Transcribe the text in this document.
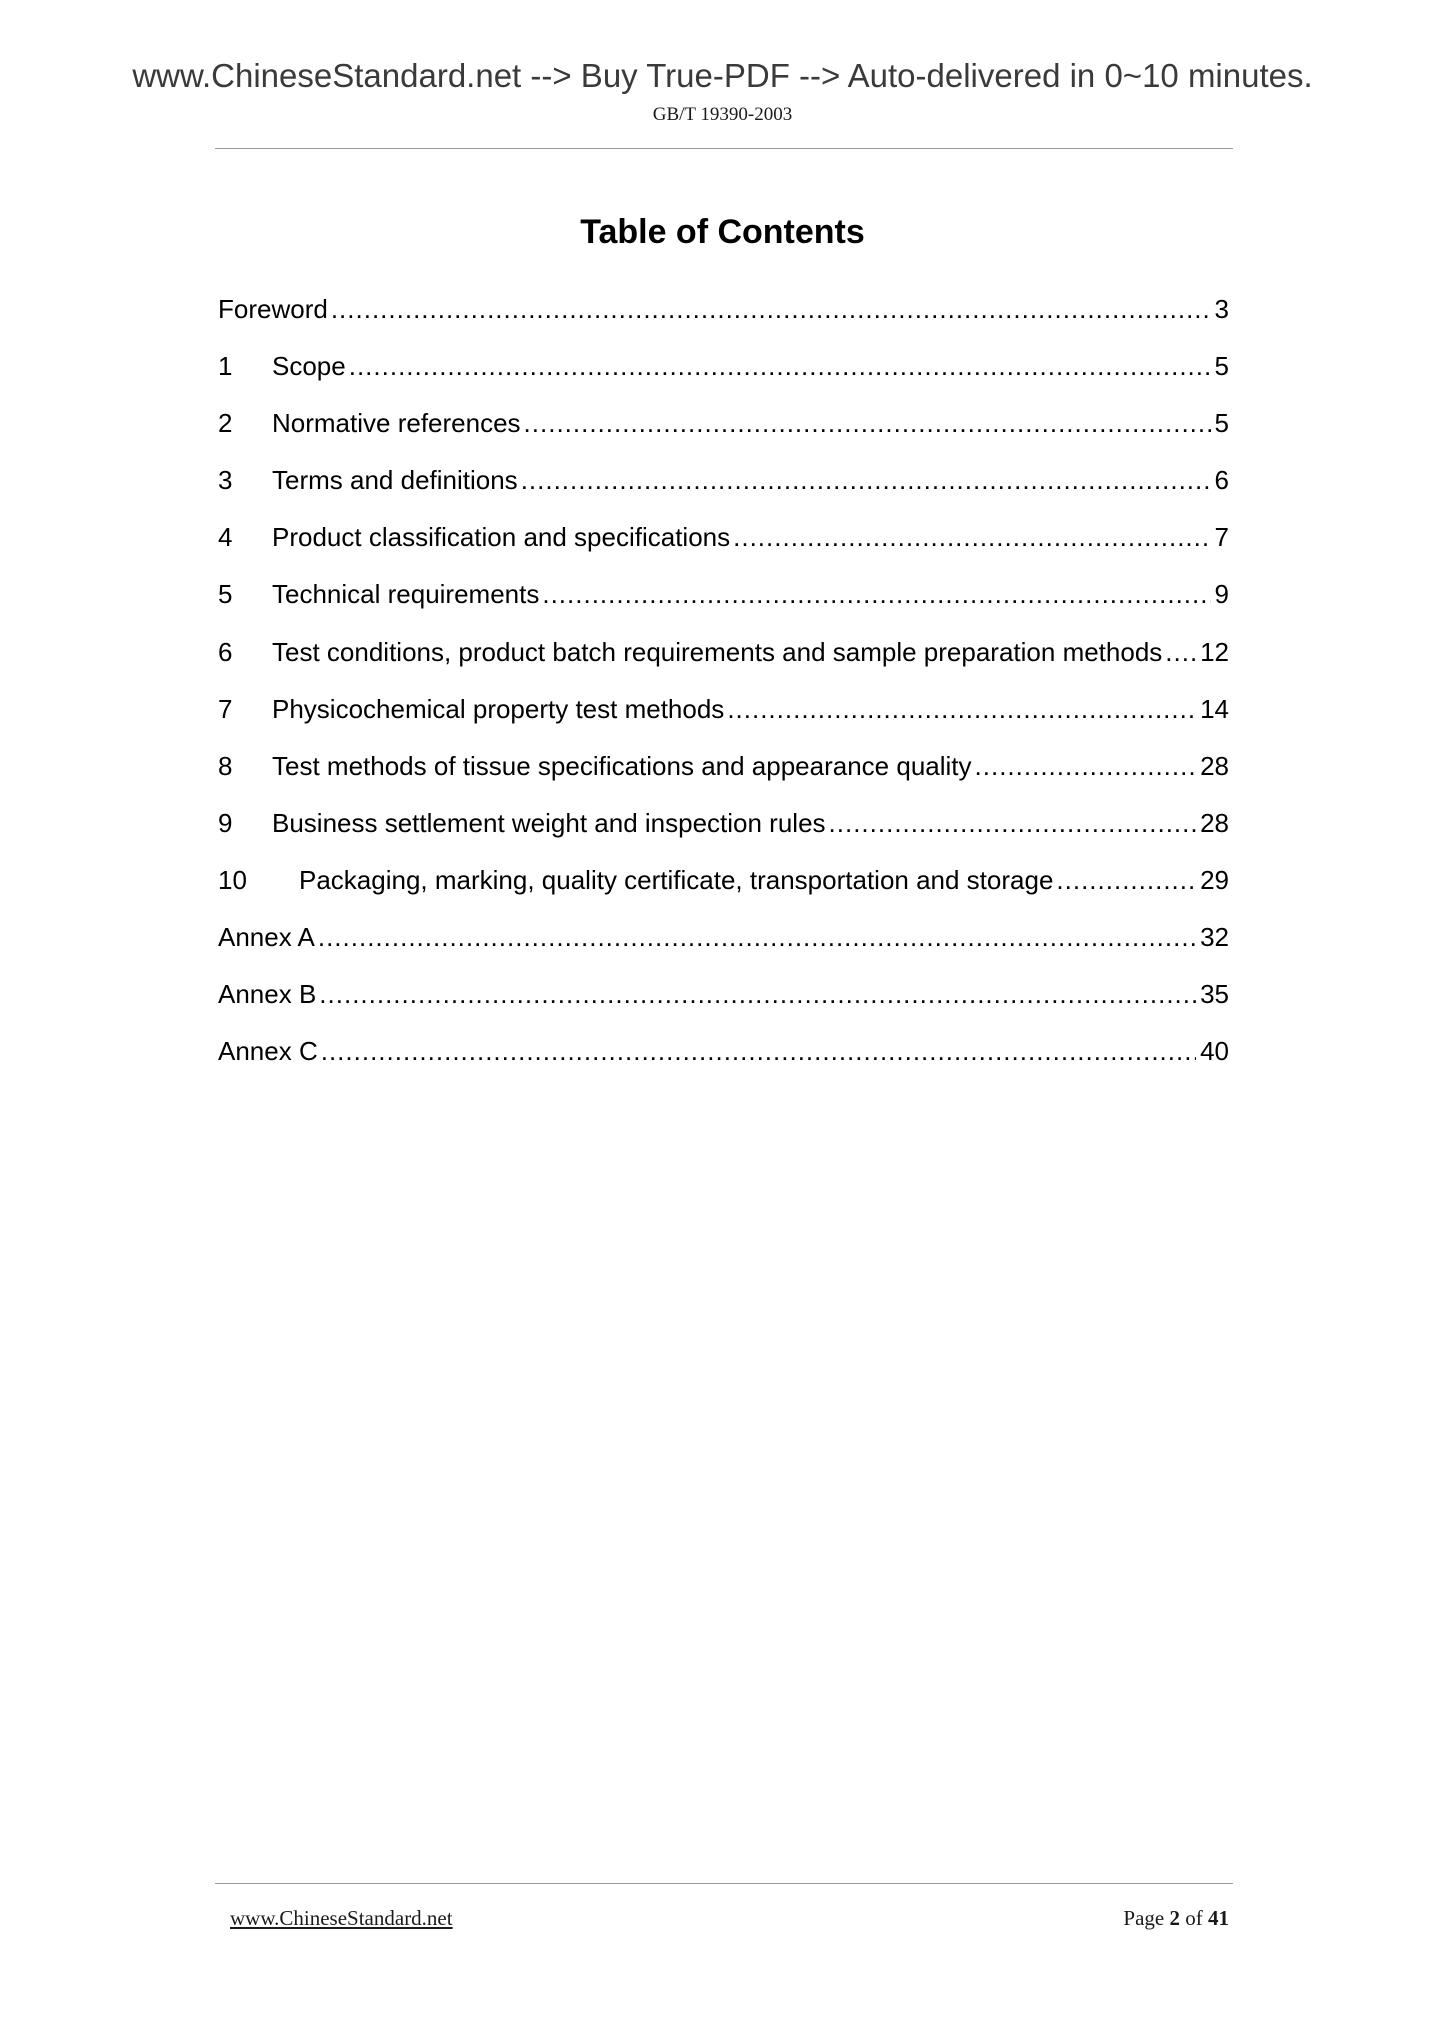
www.ChineseStandard.net --> Buy True-PDF --> Auto-delivered in 0~10 minutes.
GB/T 19390-2003
Table of Contents
Foreword .....	3
1	Scope .....	5
2	Normative references .....	5
3	Terms and definitions .....	6
4	Product classification and specifications .....	7
5	Technical requirements .....	9
6	Test conditions, product batch requirements and sample preparation methods ..... 12
7	Physicochemical property test methods .....	14
8	Test methods of tissue specifications and appearance quality .....	28
9	Business settlement weight and inspection rules .....	28
10	Packaging, marking, quality certificate, transportation and storage .....	29
Annex A .....	32
Annex B .....	35
Annex C .....	40
www.ChineseStandard.net	Page 2 of 41
